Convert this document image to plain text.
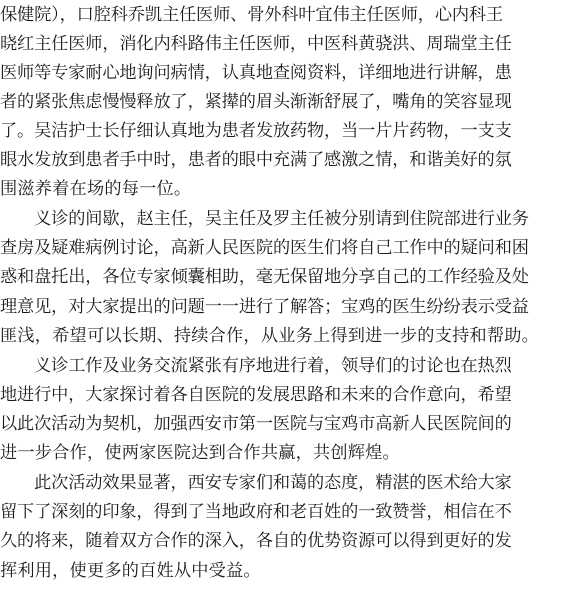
保健院），口腔科乔凯主任医师、骨外科叶宜伟主任医师，心内科王
晓红主任医师，消化内科路伟主任医师，中医科黄骁洪、周瑞堂主任
医师等专家耐心地询问病情，认真地查阅资料，详细地进行讲解，患
者的紧张焦虑慢慢释放了，紧撵的眉头渐渐舒展了，嘴角的笑容显现
了。吴洁护士长仔细认真地为患者发放药物，当一片片药物，一支支
眼水发放到患者手中时，患者的眼中充满了感激之情，和谐美好的氛
围滋养着在场的每一位。
　　义诊的间歇，赵主任，吴主任及罗主任被分别请到住院部进行业务
查房及疑难病例讨论，高新人民医院的医生们将自己工作中的疑问和困
惑和盘托出，各位专家倾囊相助，毫无保留地分享自己的工作经验及处
理意见，对大家提出的问题一一进行了解答；宝鸡的医生纷纷表示受益
匪浅，希望可以长期、持续合作，从业务上得到进一步的支持和帮助。
　　义诊工作及业务交流紧张有序地进行着，领导们的讨论也在热烈
地进行中，大家探讨着各自医院的发展思路和未来的合作意向，希望
以此次活动为契机，加强西安市第一医院与宝鸡市高新人民医院间的
进一步合作，使两家医院达到合作共赢，共创辉煌。
　　此次活动效果显著，西安专家们和蔼的态度，精湛的医术给大家
留下了深刻的印象，得到了当地政府和老百姓的一致赞誉，相信在不
久的将来，随着双方合作的深入，各自的优势资源可以得到更好的发
挥利用，使更多的百姓从中受益。
